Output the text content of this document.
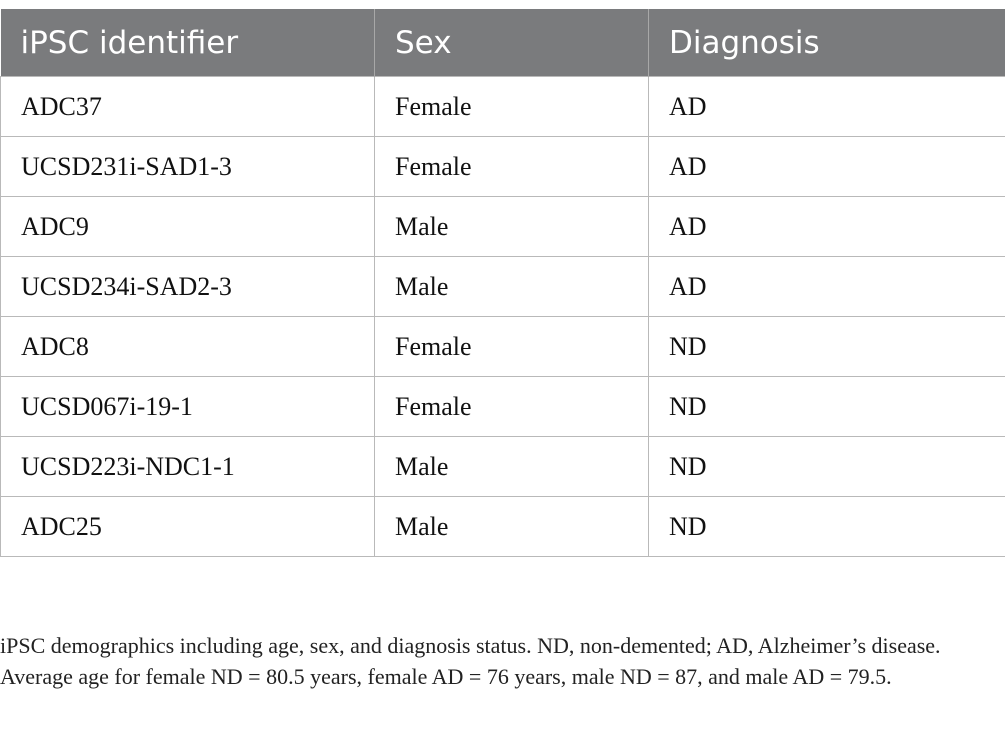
iPSC identifier	Sex	Diagnosis
ADC37	Female	AD
UCSD231i-SAD1-3	Female	AD
ADC9	Male	AD
UCSD234i-SAD2-3	Male	AD
ADC8	Female	ND
UCSD067i-19-1	Female	ND
UCSD223i-NDC1-1	Male	ND
ADC25	Male	ND
iPSC demographics including age, sex, and diagnosis status. ND, non-demented; AD, Alzheimer’s disease. Average age for female ND = 80.5 years, female AD = 76 years, male ND = 87, and male AD = 79.5.
